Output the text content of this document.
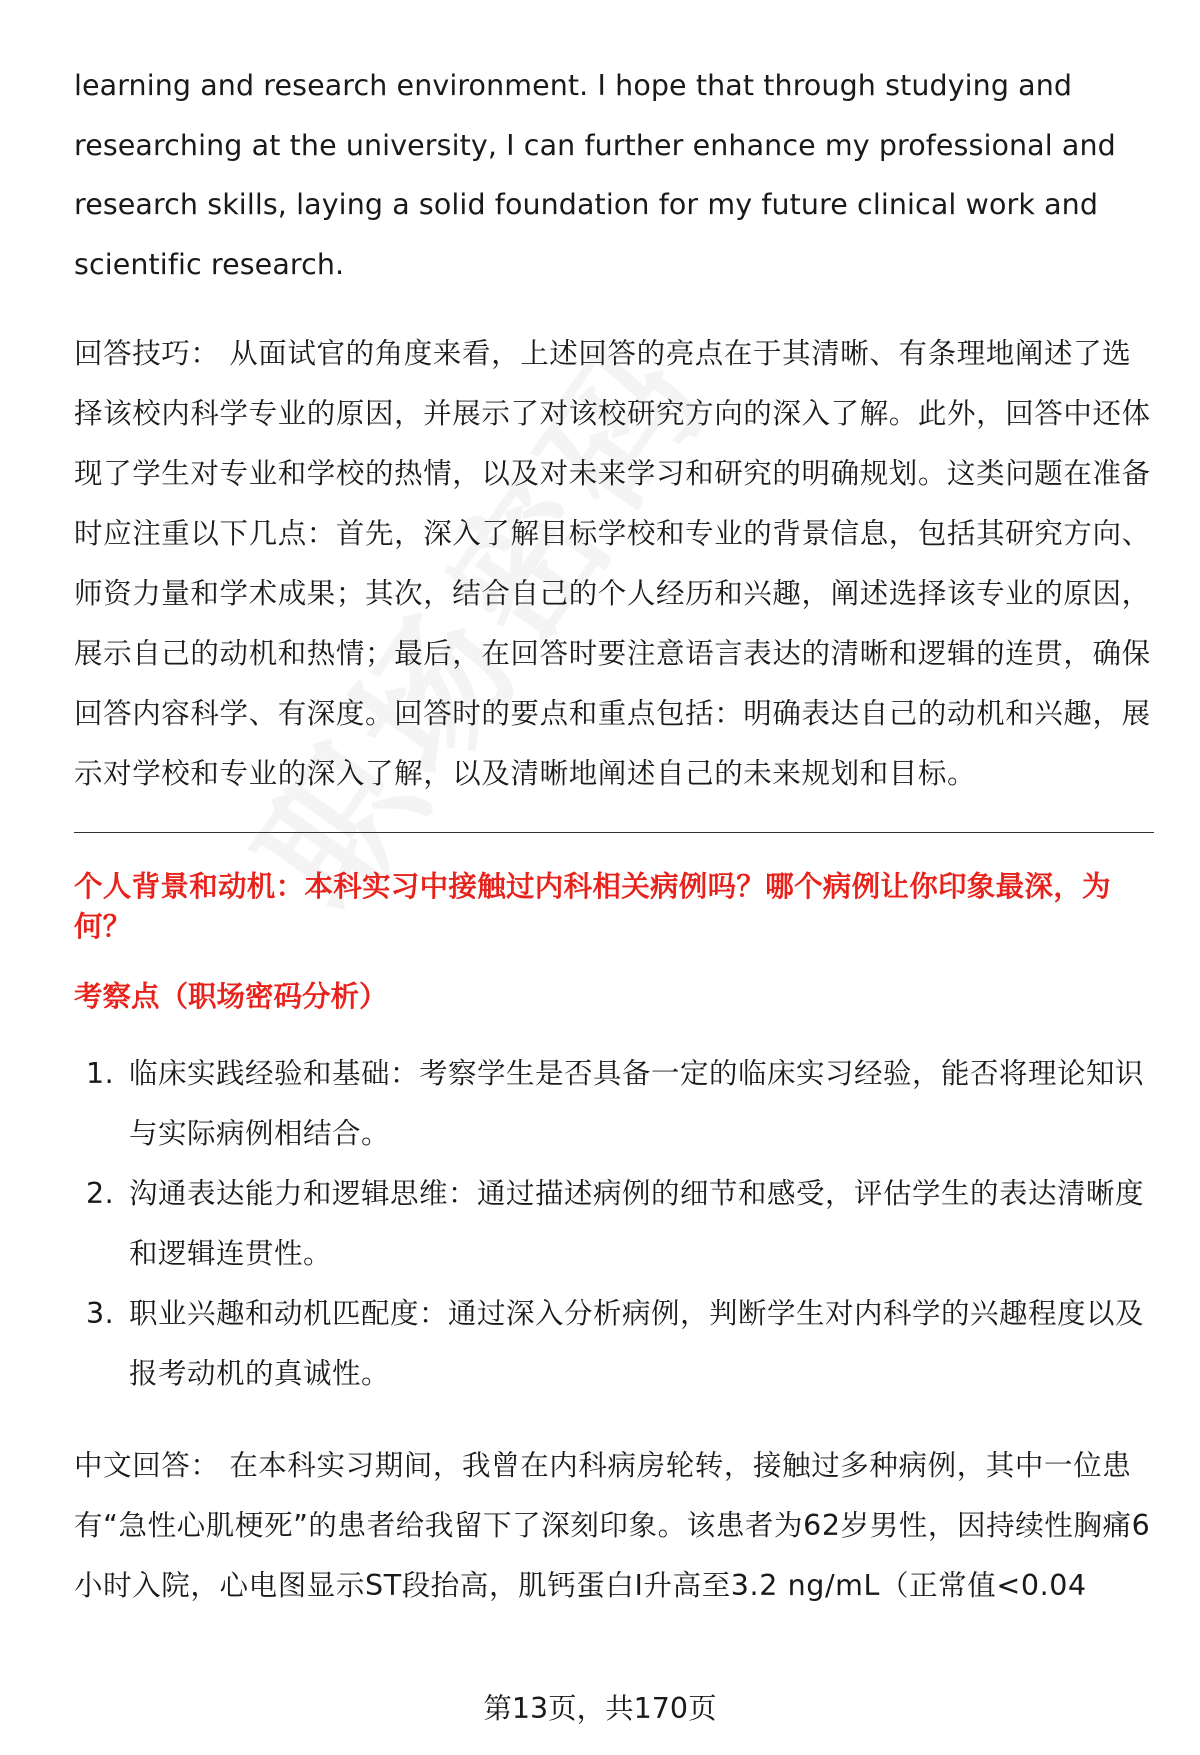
learning and research environment. I hope that through studying and researching at the university, I can further enhance my professional and research skills, laying a solid foundation for my future clinical work and scientific research.

回答技巧： 从面试官的角度来看，上述回答的亮点在于其清晰、有条理地阐述了选择该校内科学专业的原因，并展示了对该校研究方向的深入了解。此外，回答中还体现了学生对专业和学校的热情，以及对未来学习和研究的明确规划。这类问题在准备时应注重以下几点：首先，深入了解目标学校和专业的背景信息，包括其研究方向、师资力量和学术成果；其次，结合自己的个人经历和兴趣，阐述选择该专业的原因，展示自己的动机和热情；最后，在回答时要注意语言表达的清晰和逻辑的连贯，确保回答内容科学、有深度。回答时的要点和重点包括：明确表达自己的动机和兴趣，展示对学校和专业的深入了解，以及清晰地阐述自己的未来规划和目标。

个人背景和动机：本科实习中接触过内科相关病例吗？哪个病例让你印象最深，为何？

考察点（职场密码分析）

1. 临床实践经验和基础：考察学生是否具备一定的临床实习经验，能否将理论知识与实际病例相结合。
2. 沟通表达能力和逻辑思维：通过描述病例的细节和感受，评估学生的表达清晰度和逻辑连贯性。
3. 职业兴趣和动机匹配度：通过深入分析病例，判断学生对内科学的兴趣程度以及报考动机的真诚性。

中文回答： 在本科实习期间，我曾在内科病房轮转，接触过多种病例，其中一位患有“急性心肌梗死”的患者给我留下了深刻印象。该患者为62岁男性，因持续性胸痛6小时入院，心电图显示ST段抬高，肌钙蛋白I升高至3.2 ng/mL（正常值<0.04

第13页，共170页
